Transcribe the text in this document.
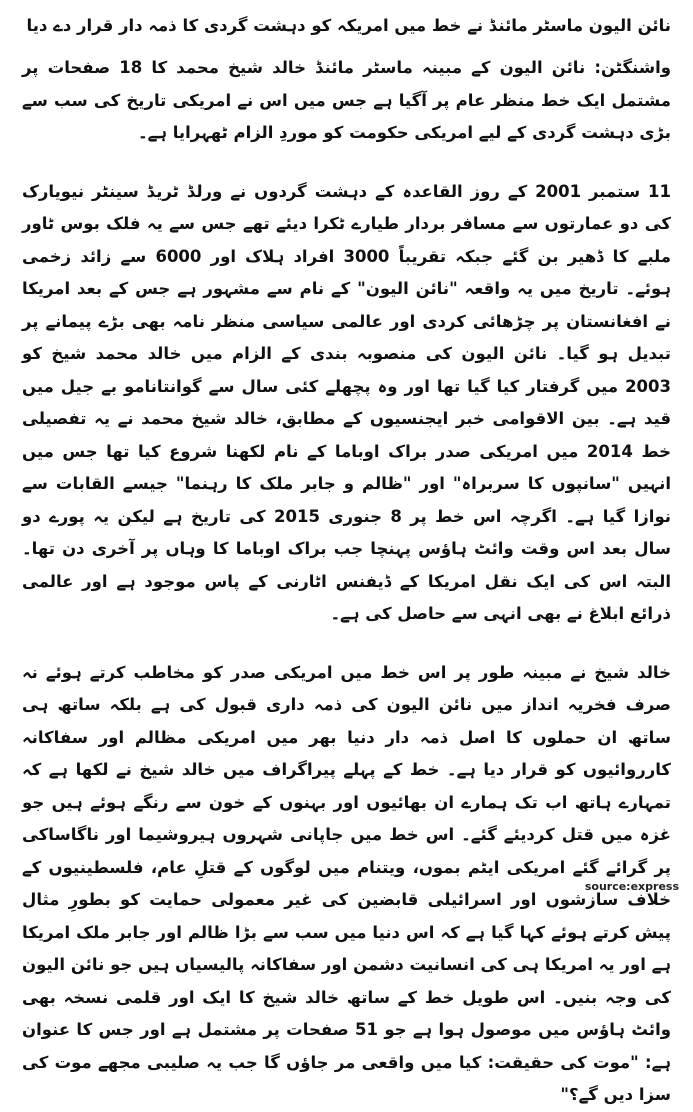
نائن الیون ماسٹر مائنڈ نے خط میں امریکہ کو دہشت گردی کا ذمہ دار قرار دے دیا

واشنگٹن: نائن الیون کے مبینہ ماسٹر مائنڈ خالد شیخ محمد کا 18 صفحات پر مشتمل ایک خط منظر عام پر آگیا ہے جس میں اس نے امریکی تاریخ کی سب سے بڑی دہشت گردی کے لیے امریکی حکومت کو موردِ الزام ٹھہرایا ہے۔

11 ستمبر 2001 کے روز القاعدہ کے دہشت گردوں نے ورلڈ ٹریڈ سینٹر نیویارک کی دو عمارتوں سے مسافر بردار طیارے ٹکرا دیئے تھے جس سے یہ فلک بوس ٹاور ملبے کا ڈھیر بن گئے جبکہ تقریباً 3000 افراد ہلاک اور 6000 سے زائد زخمی ہوئے۔ تاریخ میں یہ واقعہ "نائن الیون" کے نام سے مشہور ہے جس کے بعد امریکا نے افغانستان پر چڑھائی کردی اور عالمی سیاسی منظر نامہ بھی بڑے پیمانے پر تبدیل ہو گیا۔ نائن الیون کی منصوبہ بندی کے الزام میں خالد محمد شیخ کو 2003 میں گرفتار کیا گیا تھا اور وہ پچھلے کئی سال سے گوانتانامو بے جیل میں قید ہے۔ بین الاقوامی خبر ایجنسیوں کے مطابق، خالد شیخ محمد نے یہ تفصیلی خط 2014 میں امریکی صدر براک اوباما کے نام لکھنا شروع کیا تھا جس میں انہیں "سانپوں کا سربراہ" اور "ظالم و جابر ملک کا رہنما" جیسے القابات سے نوازا گیا ہے۔ اگرچہ اس خط پر 8 جنوری 2015 کی تاریخ ہے لیکن یہ پورے دو سال بعد اس وقت وائٹ ہاؤس پہنچا جب براک اوباما کا وہاں پر آخری دن تھا۔ البتہ اس کی ایک نقل امریکا کے ڈیفنس اٹارنی کے پاس موجود ہے اور عالمی ذرائع ابلاغ نے بھی انہی سے حاصل کی ہے۔

خالد شیخ نے مبینہ طور پر اس خط میں امریکی صدر کو مخاطب کرتے ہوئے نہ صرف فخریہ انداز میں نائن الیون کی ذمہ داری قبول کی ہے بلکہ ساتھ ہی ساتھ ان حملوں کا اصل ذمہ دار دنیا بھر میں امریکی مظالم اور سفاکانہ کارروائیوں کو قرار دیا ہے۔ خط کے پہلے پیراگراف میں خالد شیخ نے لکھا ہے کہ تمہارے ہاتھ اب تک ہمارے ان بھائیوں اور بہنوں کے خون سے رنگے ہوئے ہیں جو غزہ میں قتل کردیئے گئے۔ اس خط میں جاپانی شہروں ہیروشیما اور ناگاساکی پر گرائے گئے امریکی ایٹم بموں، ویتنام میں لوگوں کے قتلِ عام، فلسطینیوں کے خلاف سازشوں اور اسرائیلی قابضین کی غیر معمولی حمایت کو بطورِ مثال پیش کرتے ہوئے کہا گیا ہے کہ اس دنیا میں سب سے بڑا ظالم اور جابر ملک امریکا ہے اور یہ امریکا ہی کی انسانیت دشمن اور سفاکانہ پالیسیاں ہیں جو نائن الیون کی وجہ بنیں۔ اس طویل خط کے ساتھ خالد شیخ کا ایک اور قلمی نسخہ بھی وائٹ ہاؤس میں موصول ہوا ہے جو 51 صفحات پر مشتمل ہے اور جس کا عنوان ہے: "موت کی حقیقت: کیا میں واقعی مر جاؤں گا جب یہ صلیبی مجھے موت کی سزا دیں گے؟"

source:express
